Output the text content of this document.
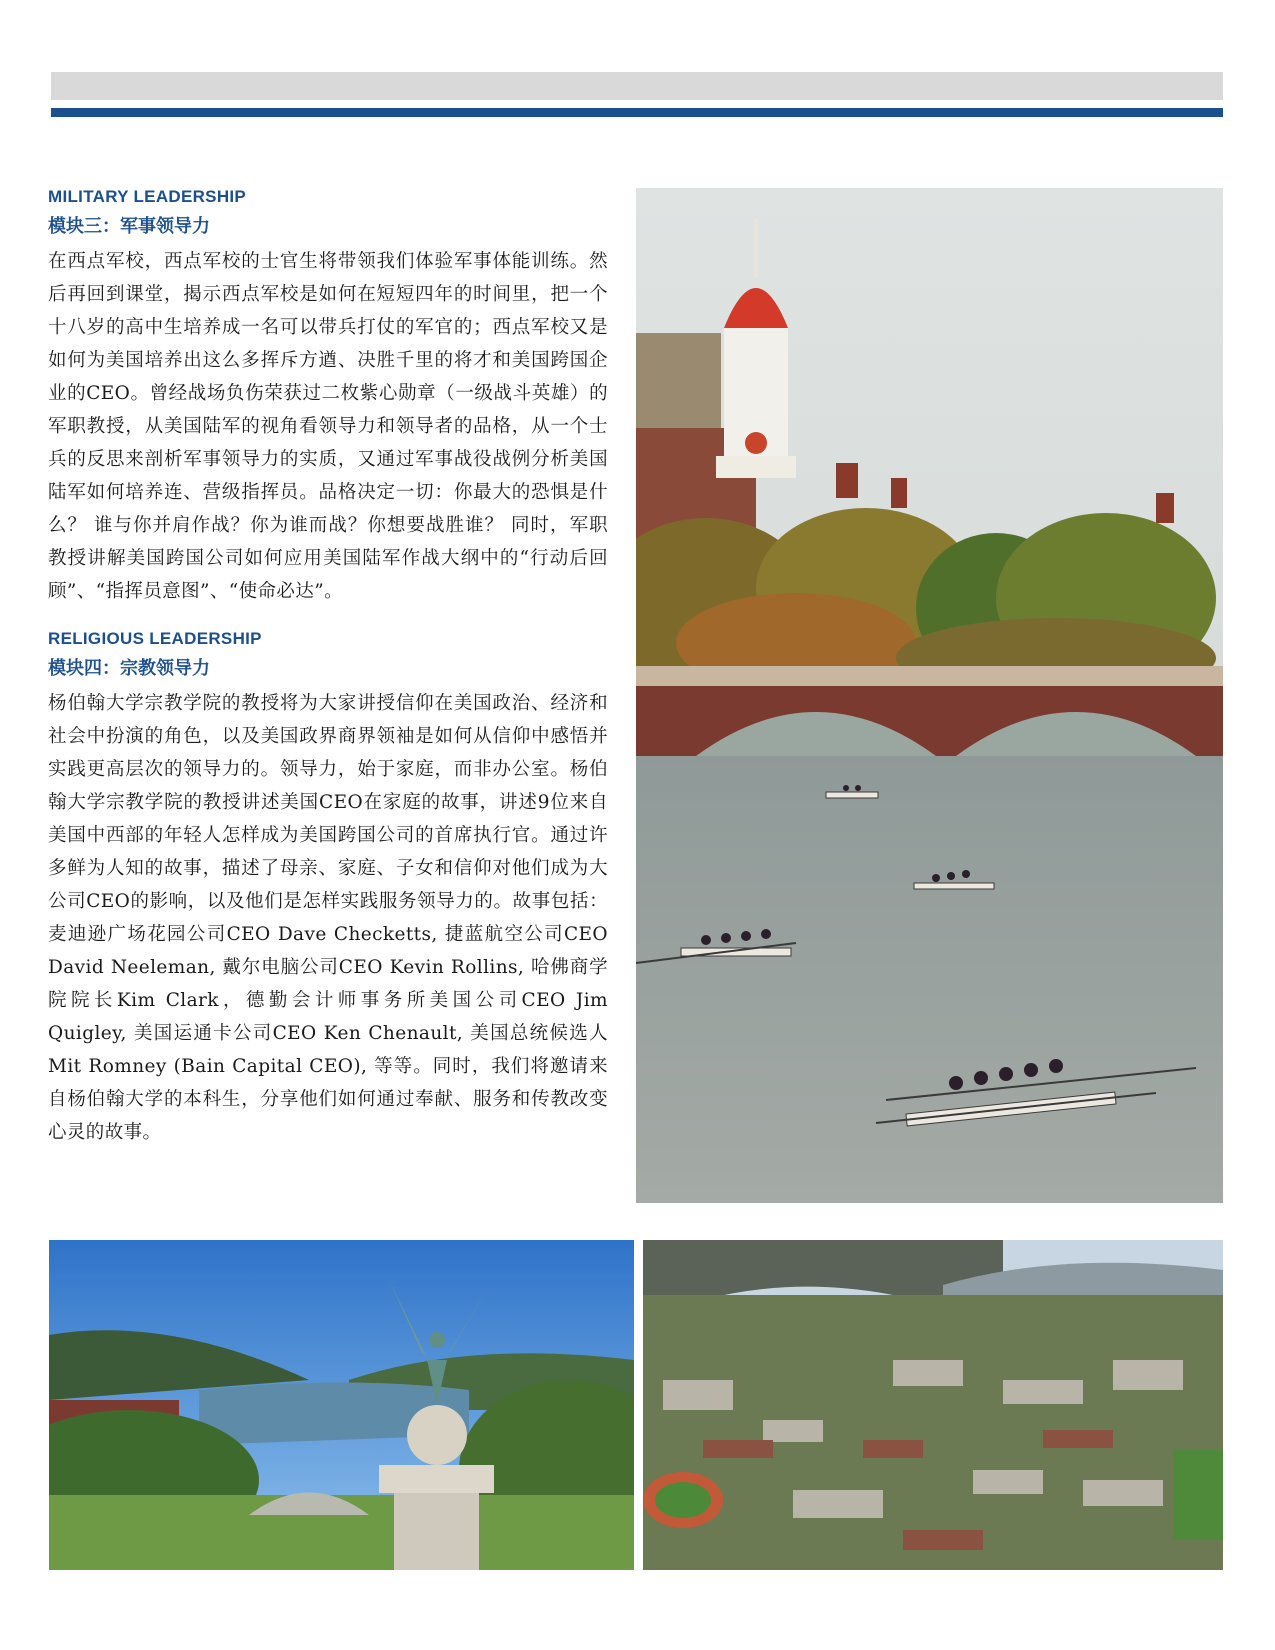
MILITARY LEADERSHIP
模块三：军事领导力

在西点军校，西点军校的士官生将带领我们体验军事体能训练。然后再回到课堂，揭示西点军校是如何在短短四年的时间里，把一个十八岁的高中生培养成一名可以带兵打仗的军官的；西点军校又是如何为美国培养出这么多挥斥方遒、决胜千里的将才和美国跨国企业的CEO。曾经战场负伤荣获过二枚紫心勋章（一级战斗英雄）的军职教授，从美国陆军的视角看领导力和领导者的品格，从一个士兵的反思来剖析军事领导力的实质，又通过军事战役战例分析美国陆军如何培养连、营级指挥员。品格决定一切：你最大的恐惧是什么？ 谁与你并肩作战？你为谁而战？你想要战胜谁？ 同时，军职教授讲解美国跨国公司如何应用美国陆军作战大纲中的“行动后回顾”、“指挥员意图”、“使命必达”。

RELIGIOUS LEADERSHIP
模块四：宗教领导力

杨伯翰大学宗教学院的教授将为大家讲授信仰在美国政治、经济和社会中扮演的角色，以及美国政界商界领袖是如何从信仰中感悟并实践更高层次的领导力的。领导力，始于家庭，而非办公室。杨伯翰大学宗教学院的教授讲述美国CEO在家庭的故事，讲述9位来自美国中西部的年轻人怎样成为美国跨国公司的首席执行官。通过许多鲜为人知的故事，描述了母亲、家庭、子女和信仰对他们成为大公司CEO的影响，以及他们是怎样实践服务领导力的。故事包括：麦迪逊广场花园公司CEO Dave Checketts, 捷蓝航空公司CEO David Neeleman, 戴尔电脑公司CEO Kevin Rollins, 哈佛商学院院长Kim Clark，德勤会计师事务所美国公司CEO Jim Quigley, 美国运通卡公司CEO Ken Chenault, 美国总统候选人Mit Romney (Bain Capital CEO), 等等。同时，我们将邀请来自杨伯翰大学的本科生，分享他们如何通过奉献、服务和传教改变心灵的故事。
